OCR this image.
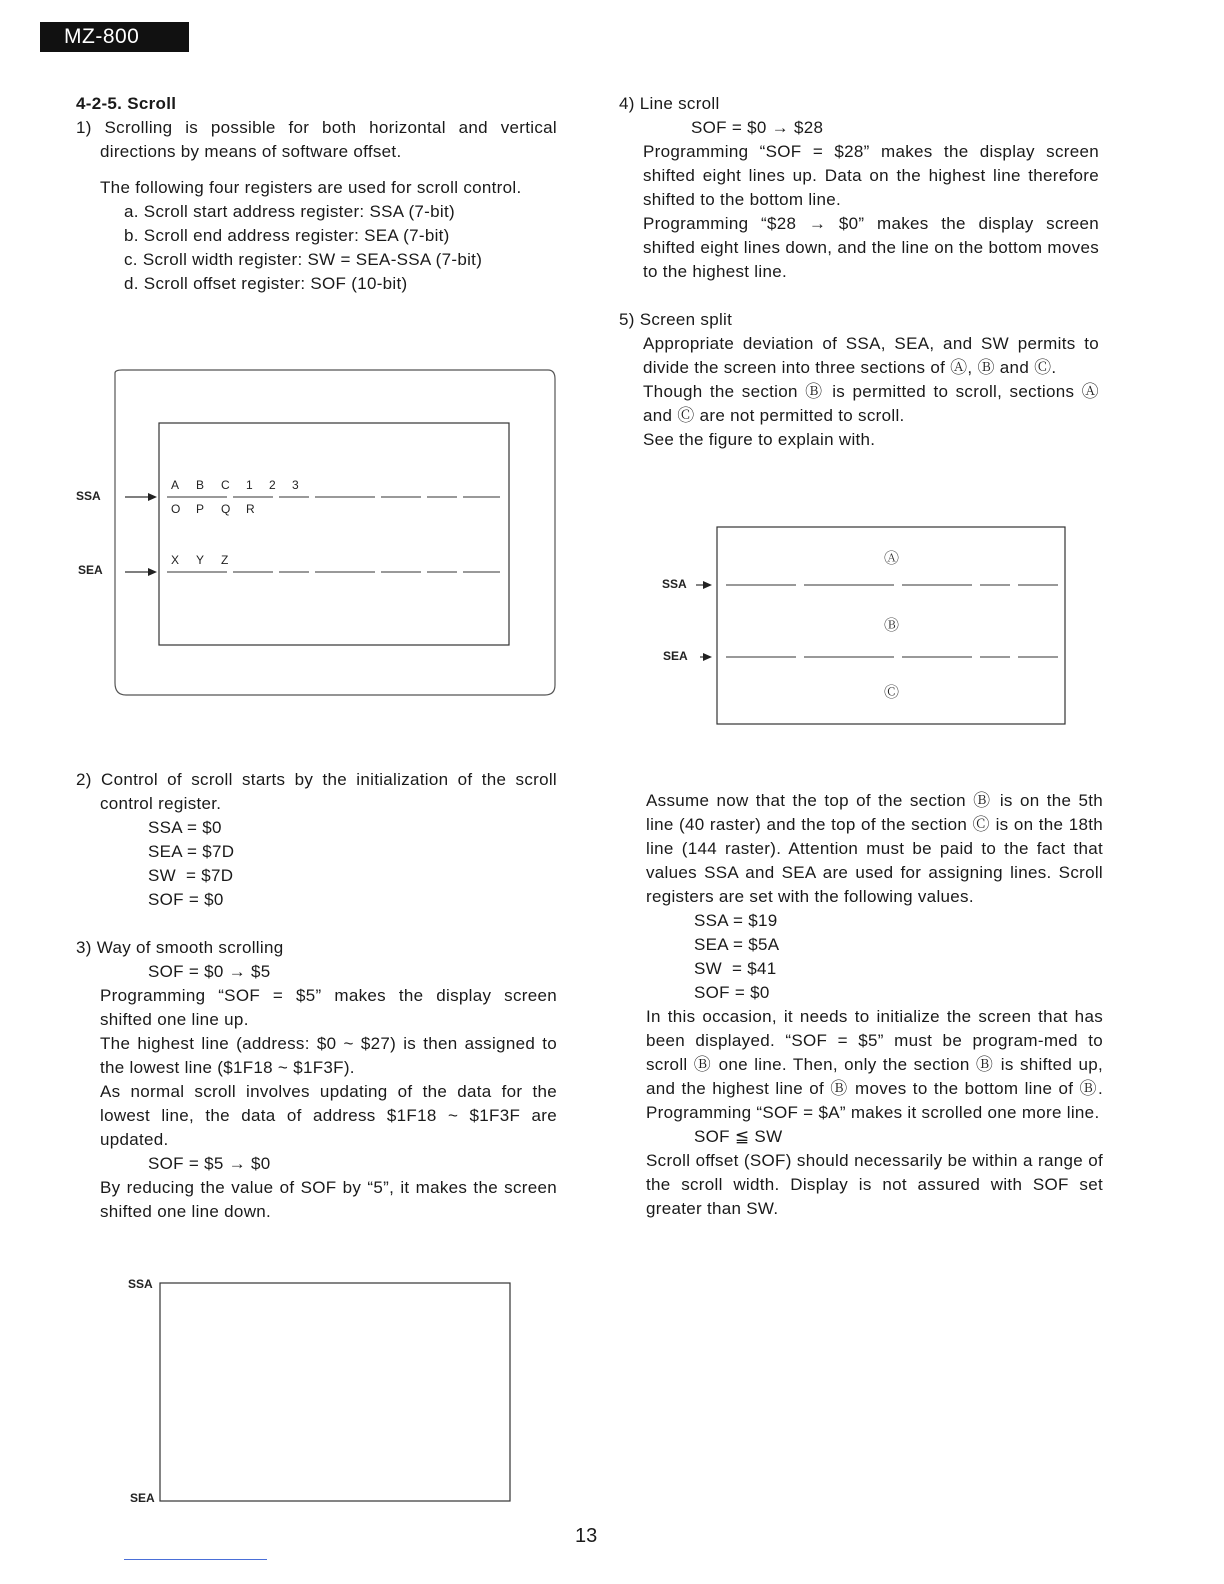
MZ-800

4-2-5. Scroll

1) Scrolling is possible for both horizontal and vertical directions by means of software offset.

The following four registers are used for scroll control.

a. Scroll start address register: SSA (7-bit)

b. Scroll end address register: SEA (7-bit)

c. Scroll width register: SW = SEA-SSA (7-bit)

d. Scroll offset register: SOF (10-bit)

SSA
SEA
A B C 1 2 3
O P Q R
X Y Z

2) Control of scroll starts by the initialization of the scroll control register.

SSA = $0

SEA = $7D

SW  = $7D

SOF = $0

3) Way of smooth scrolling

SOF = $0 → $5

Programming “SOF = $5” makes the display screen shifted one line up.

The highest line (address: $0 ~ $27) is then assigned to the lowest line ($1F18 ~ $1F3F).

As normal scroll involves updating of the data for the lowest line, the data of address $1F18 ~ $1F3F are updated.

SOF = $5 → $0

By reducing the value of SOF by “5”, it makes the screen shifted one line down.

SSA
SEA

4) Line scroll

SOF = $0 → $28

Programming “SOF = $28” makes the display screen shifted eight lines up. Data on the highest line therefore shifted to the bottom line.

Programming “$28 → $0” makes the display screen shifted eight lines down, and the line on the bottom moves to the highest line.

5) Screen split

Appropriate deviation of SSA, SEA, and SW permits to divide the screen into three sections of Ⓐ, Ⓑ and Ⓒ.

Though the section Ⓑ is permitted to scroll, sections Ⓐ and Ⓒ are not permitted to scroll.

See the figure to explain with.

SSA
SEA
Ⓐ
Ⓑ
Ⓒ

Assume now that the top of the section Ⓑ is on the 5th line (40 raster) and the top of the section Ⓒ is on the 18th line (144 raster). Attention must be paid to the fact that values SSA and SEA are used for assigning lines. Scroll registers are set with the following values.

SSA = $19

SEA = $5A

SW  = $41

SOF = $0

In this occasion, it needs to initialize the screen that has been displayed. “SOF = $5” must be program-med to scroll Ⓑ one line. Then, only the section Ⓑ is shifted up, and the highest line of Ⓑ moves to the bottom line of Ⓑ. Programming “SOF = $A” makes it scrolled one more line.

SOF ≦ SW

Scroll offset (SOF) should necessarily be within a range of the scroll width. Display is not assured with SOF set greater than SW.

13
